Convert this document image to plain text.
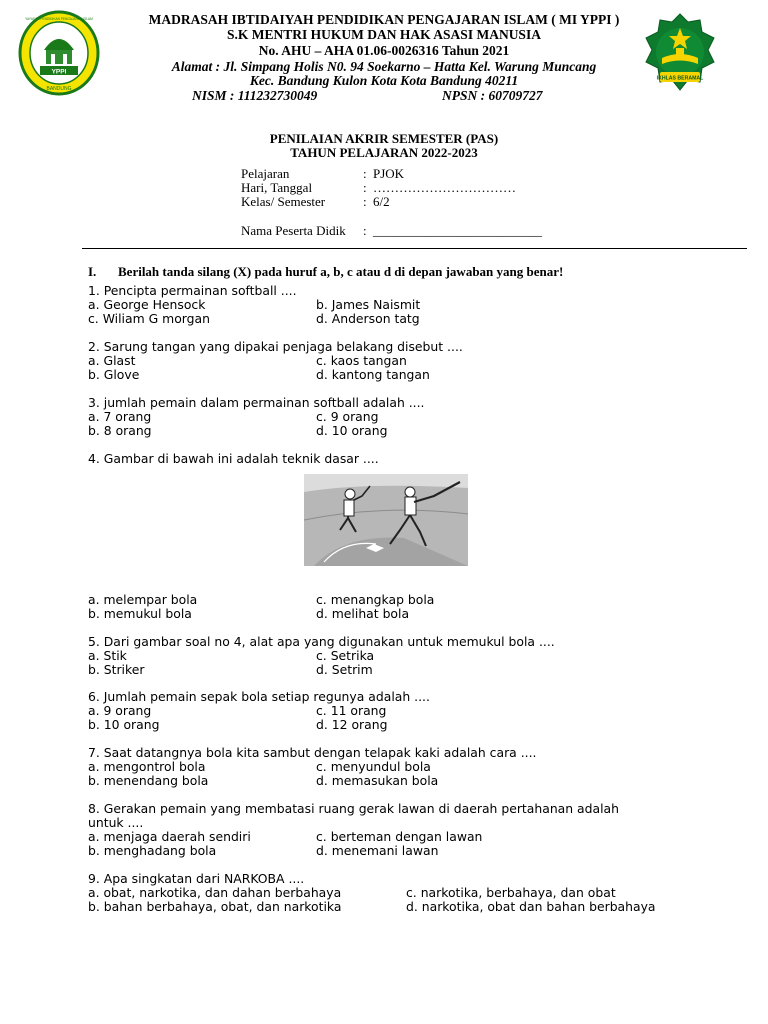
YPPI
BANDUNG
YAYASAN PENDIDIKAN PENGAJARAN ISLAM	MADRASAH IBTIDAIYAH PENDIDIKAN PENGAJARAN ISLAM ( MI YPPI )
S.K MENTRI HUKUM DAN HAK ASASI MANUSIA
No. AHU – AHA 01.06-0026316 Tahun 2021
Alamat : Jl. Simpang Holis N0. 94 Soekarno – Hatta Kel. Warung Muncang
Kec. Bandung Kulon Kota Kota Bandung 40211
NISM : 111232730049	NPSN : 60709727
IKHLAS BERAMAL
PENILAIAN AKRIR SEMESTER (PAS)
TAHUN PELAJARAN 2022-2023
Pelajaran	: PJOK
Hari, Tanggal	: ……………………………
Kelas/ Semester	: 6/2
Nama Peserta Didik : __________________________
I. Berilah tanda silang (X) pada huruf a, b, c atau d di depan jawaban yang benar!
1. Pencipta permainan softball ....
a. George Hensock
c. Wiliam G morgan
b. James Naismit
d. Anderson tatg
2. Sarung tangan yang dipakai penjaga belakang disebut ....
a. Glast
b. Glove
c. kaos tangan
d. kantong tangan
3. jumlah pemain dalam permainan softball adalah ....
a. 7 orang
b. 8 orang
c. 9 orang
d. 10 orang
4. Gambar di bawah ini adalah teknik dasar ....
a. melempar bola
b. memukul bola
c. menangkap bola
d. melihat bola
5. Dari gambar soal no 4, alat apa yang digunakan untuk memukul bola ....
a. Stik
b. Striker
c. Setrika
d. Setrim
6. Jumlah pemain sepak bola setiap regunya adalah ....
a. 9 orang
b. 10 orang
c. 11 orang
d. 12 orang
7. Saat datangnya bola kita sambut dengan telapak kaki adalah cara ....
a. mengontrol bola
b. menendang bola
c. menyundul bola
d. memasukan bola
8. Gerakan pemain yang membatasi ruang gerak lawan di daerah pertahanan adalah
untuk ....
a. menjaga daerah sendiri
b. menghadang bola
c. berteman dengan lawan
d. menemani lawan
9. Apa singkatan dari NARKOBA ....
a. obat, narkotika, dan dahan berbahaya
b. bahan berbahaya, obat, dan narkotika
c. narkotika, berbahaya, dan obat
d. narkotika, obat dan bahan berbahaya
